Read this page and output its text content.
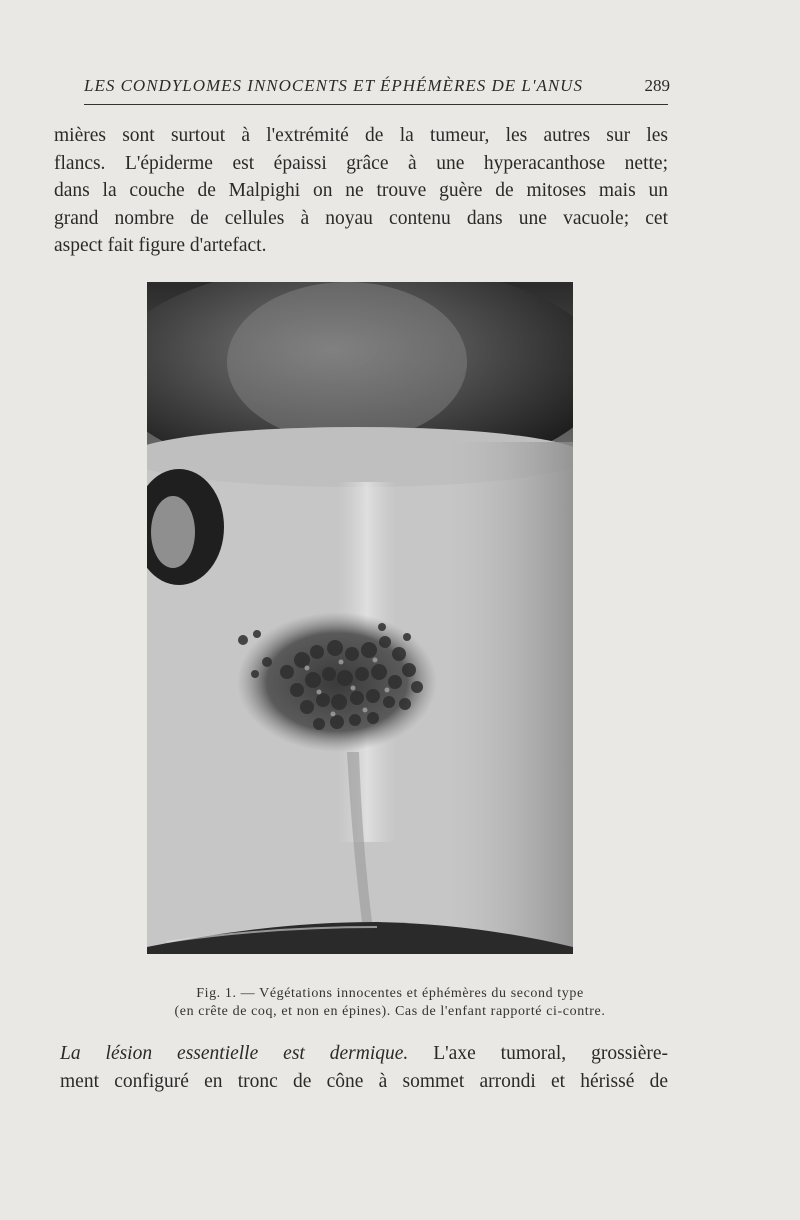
LES CONDYLOMES INNOCENTS ET ÉPHÉMÈRES DE L'ANUS	289
mières sont surtout à l'extrémité de la tumeur, les autres sur les
flancs. L'épiderme est épaissi grâce à une hyperacanthose nette;
dans la couche de Malpighi on ne trouve guère de mitoses mais un
grand nombre de cellules à noyau contenu dans une vacuole; cet
aspect fait figure d'artefact.
Fig. 1. — Végétations innocentes et éphémères du second type
(en crête de coq, et non en épines). Cas de l'enfant rapporté ci-contre.
La lésion essentielle est dermique. L'axe tumoral, grossière-
ment configuré en tronc de cône à sommet arrondi et hérissé de
